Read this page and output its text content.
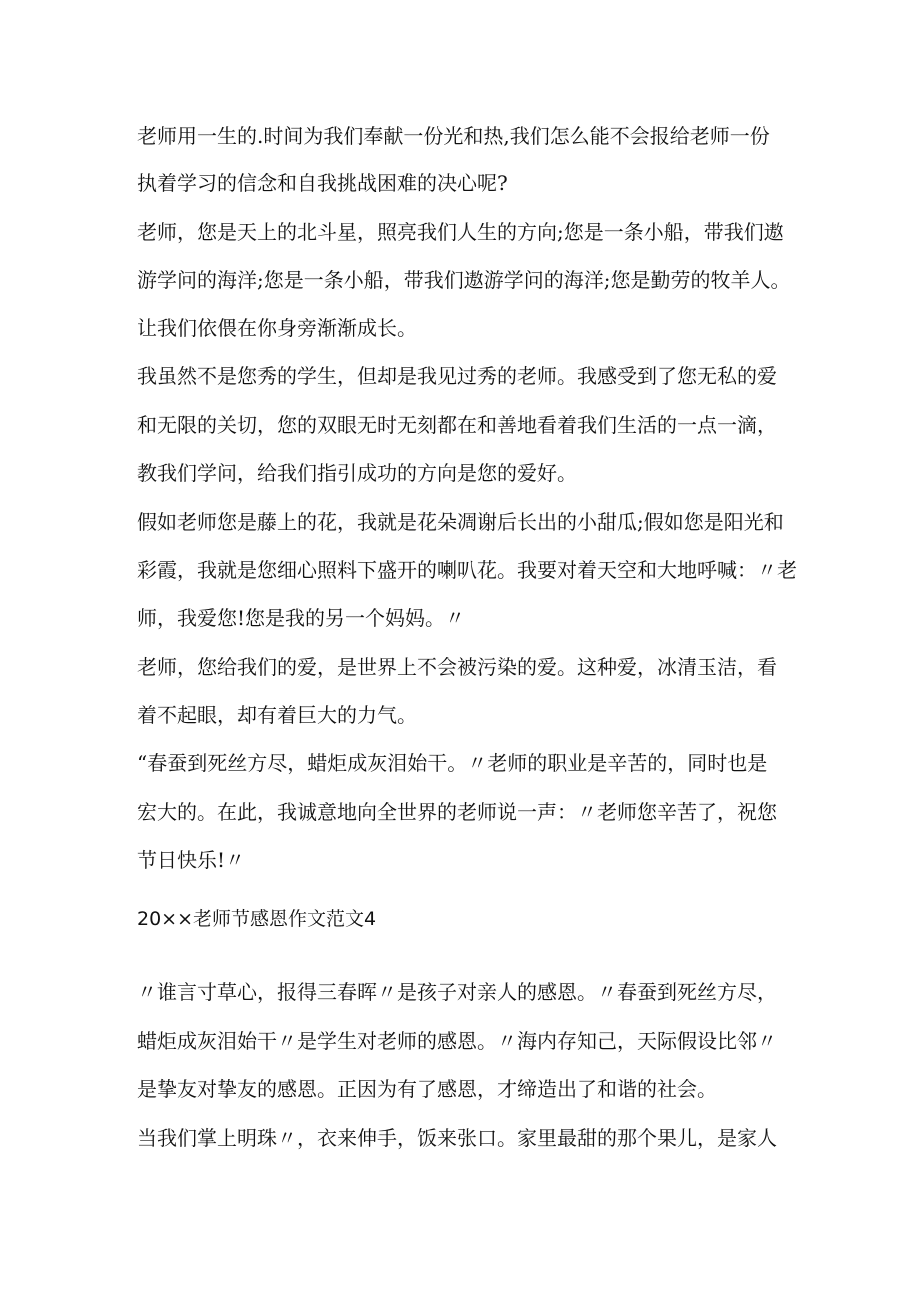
老师用一生的.时间为我们奉献一份光和热,我们怎么能不会报给老师一份
执着学习的信念和自我挑战困难的决心呢?
老师，您是天上的北斗星，照亮我们人生的方向;您是一条小船，带我们遨
游学问的海洋;您是一条小船，带我们遨游学问的海洋;您是勤劳的牧羊人。
让我们依偎在你身旁渐渐成长。
我虽然不是您秀的学生，但却是我见过秀的老师。我感受到了您无私的爱
和无限的关切，您的双眼无时无刻都在和善地看着我们生活的一点一滴，
教我们学问，给我们指引成功的方向是您的爱好。
假如老师您是藤上的花，我就是花朵凋谢后长出的小甜瓜;假如您是阳光和
彩霞，我就是您细心照料下盛开的喇叭花。我要对着天空和大地呼喊：〃老
师，我爱您!您是我的另一个妈妈。〃
老师，您给我们的爱，是世界上不会被污染的爱。这种爱，冰清玉洁，看
着不起眼，却有着巨大的力气。
“春蚕到死丝方尽，蜡炬成灰泪始干。〃老师的职业是辛苦的，同时也是
宏大的。在此，我诚意地向全世界的老师说一声：〃老师您辛苦了，祝您
节日快乐!〃
20××老师节感恩作文范文4
〃谁言寸草心，报得三春晖〃是孩子对亲人的感恩。〃春蚕到死丝方尽，
蜡炬成灰泪始干〃是学生对老师的感恩。〃海内存知己，天际假设比邻〃
是挚友对挚友的感恩。正因为有了感恩，才缔造出了和谐的社会。
当我们掌上明珠〃，衣来伸手，饭来张口。家里最甜的那个果儿，是家人
